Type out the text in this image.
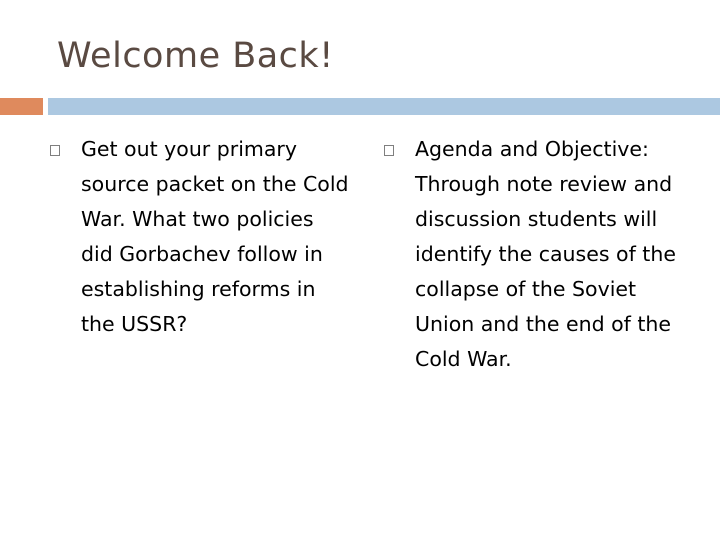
Welcome Back!

Get out your primary source packet on the Cold War. What two policies did Gorbachev follow in establishing reforms in the USSR?

Agenda and Objective: Through note review and discussion students will identify the causes of the collapse of the Soviet Union and the end of the Cold War.
